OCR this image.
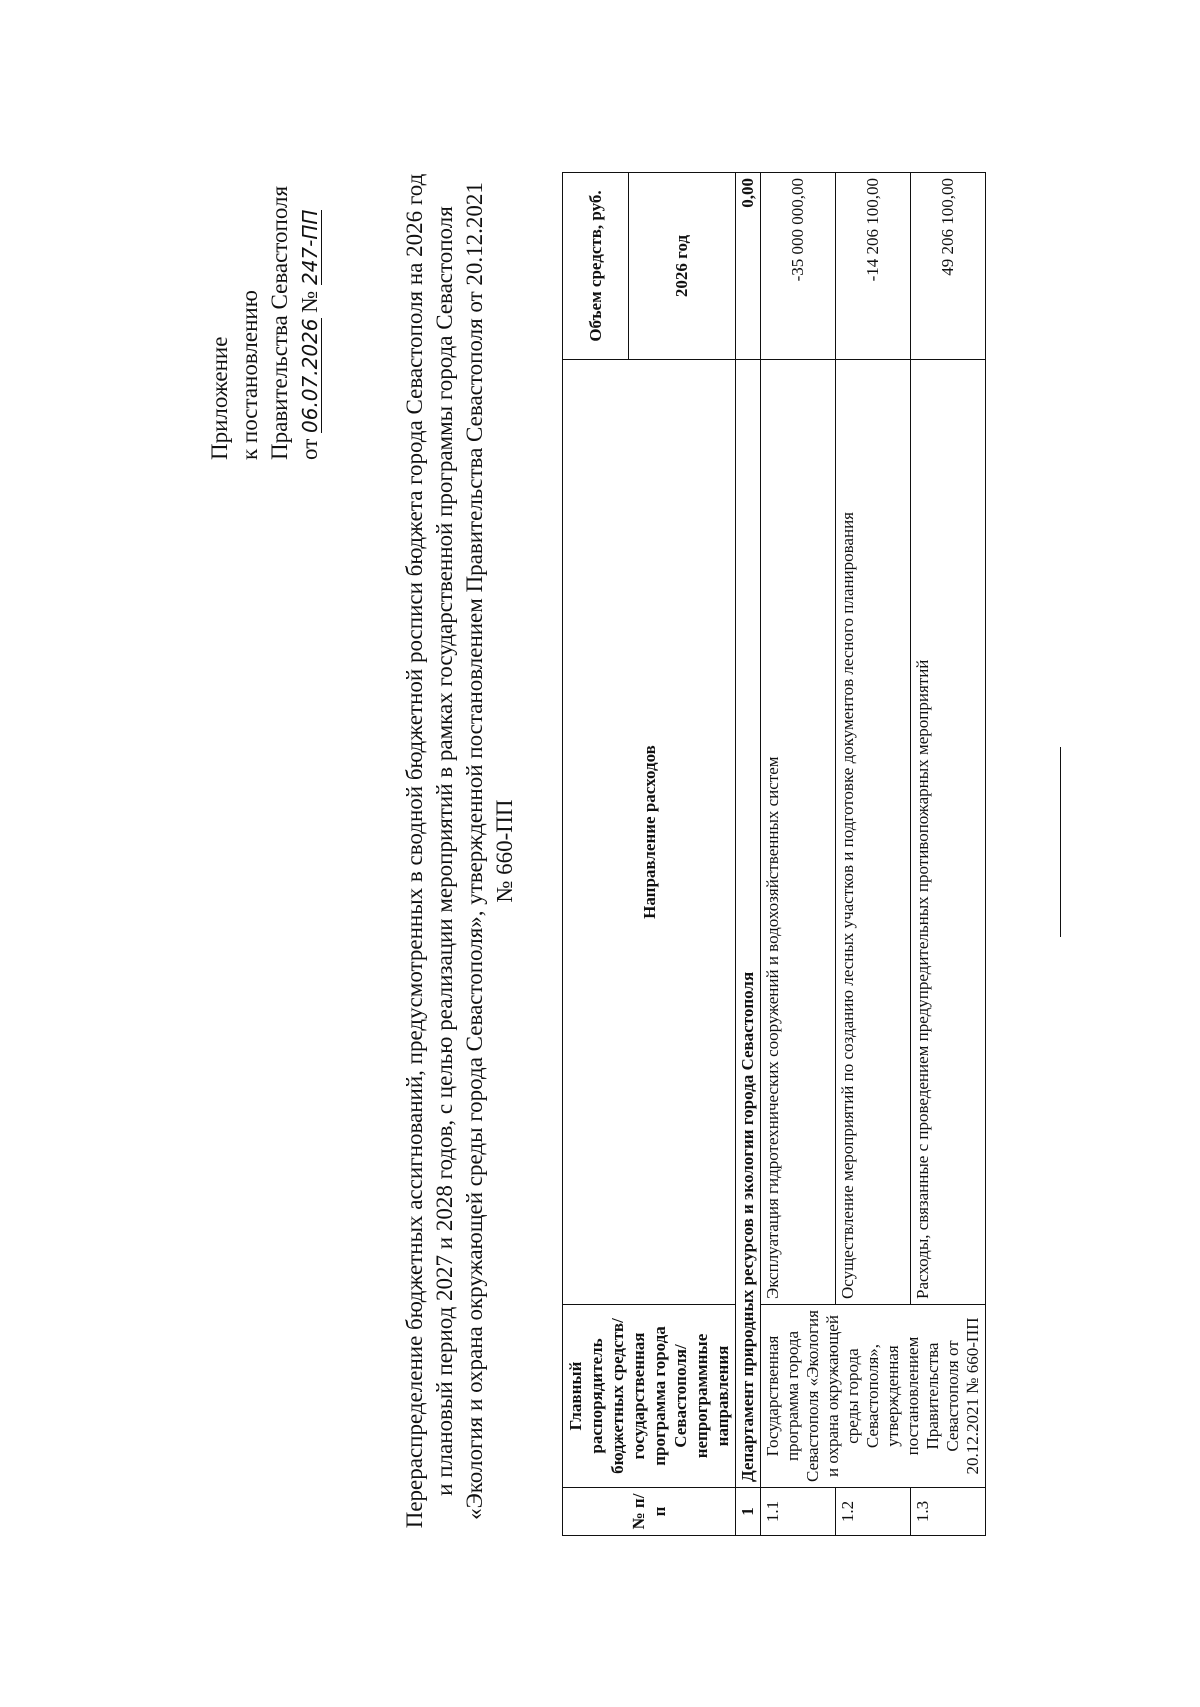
Приложение к постановлению Правительства Севастополя от 06.07.2026 № 247-ПП	Перераспределение бюджетных ассигнований, предусмотренных в сводной бюджетной росписи бюджета города Севастополя на 2026 год и плановый период 2027 и 2028 годов, с целью реализации мероприятий в рамках государственной программы города Севастополя «Экология и охрана окружающей среды города Севастополя», утвержденной постановлением Правительства Севастополя от 20.12.2021 № 660-ПП
№ п/п	Главный распорядитель бюджетных средств/государственная программа города Севастополя/непрограммные направления	Направление расходов	Объем средств, руб.
			2026 год
1	Департамент природных ресурсов и экологии города Севастополя		0,00
1.1	Государственная программа города Севастополя «Экология и охрана окружающей среды города Севастополя», утвержденная постановлением Правительства Севастополя от 20.12.2021 № 660-ПП	Эксплуатация гидротехнических сооружений и водохозяйственных систем	-35 000 000,00
1.2		Осуществление мероприятий по созданию лесных участков и подготовке документов лесного планирования	-14 206 100,00
1.3		Расходы, связанные с проведением предупредительных противопожарных мероприятий	49 206 100,00
